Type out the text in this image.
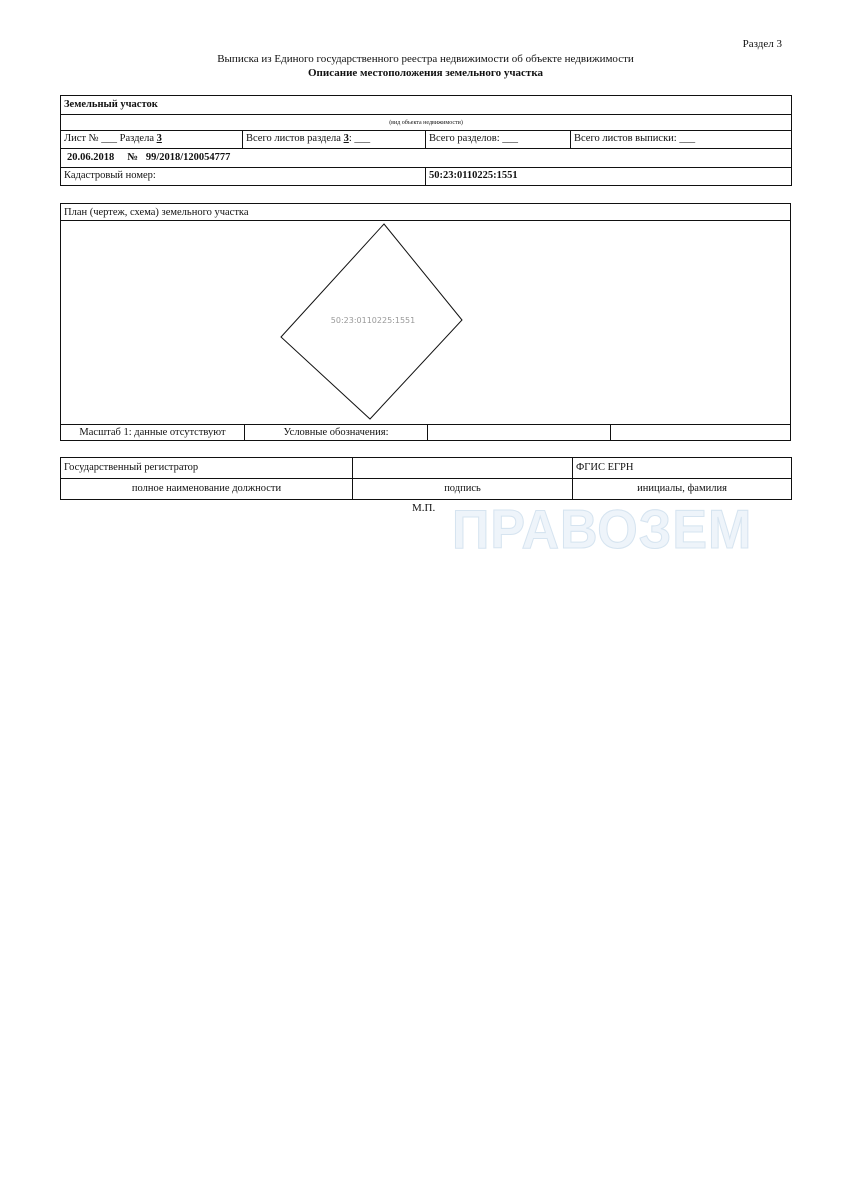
Раздел 3
Выписка из Единого государственного реестра недвижимости об объекте недвижимости
Описание местоположения земельного участка
Земельный участок			
(вид объекта недвижимости)			
Лист № ___ Раздела 3	Всего листов раздела 3: ___	Всего разделов: ___	Всего листов выписки: ___
20.06.2018 № 99/2018/120054777			
Кадастровый номер:		50:23:0110225:1551	
План (чертеж, схема) земельного участка
50:23:0110225:1551
Масштаб 1: данные отсутствуют	Условные обозначения:
Государственный регистратор		ФГИС ЕГРН
полное наименование должности	подпись	инициалы, фамилия
М.П. ПРАВОЗЕМ
